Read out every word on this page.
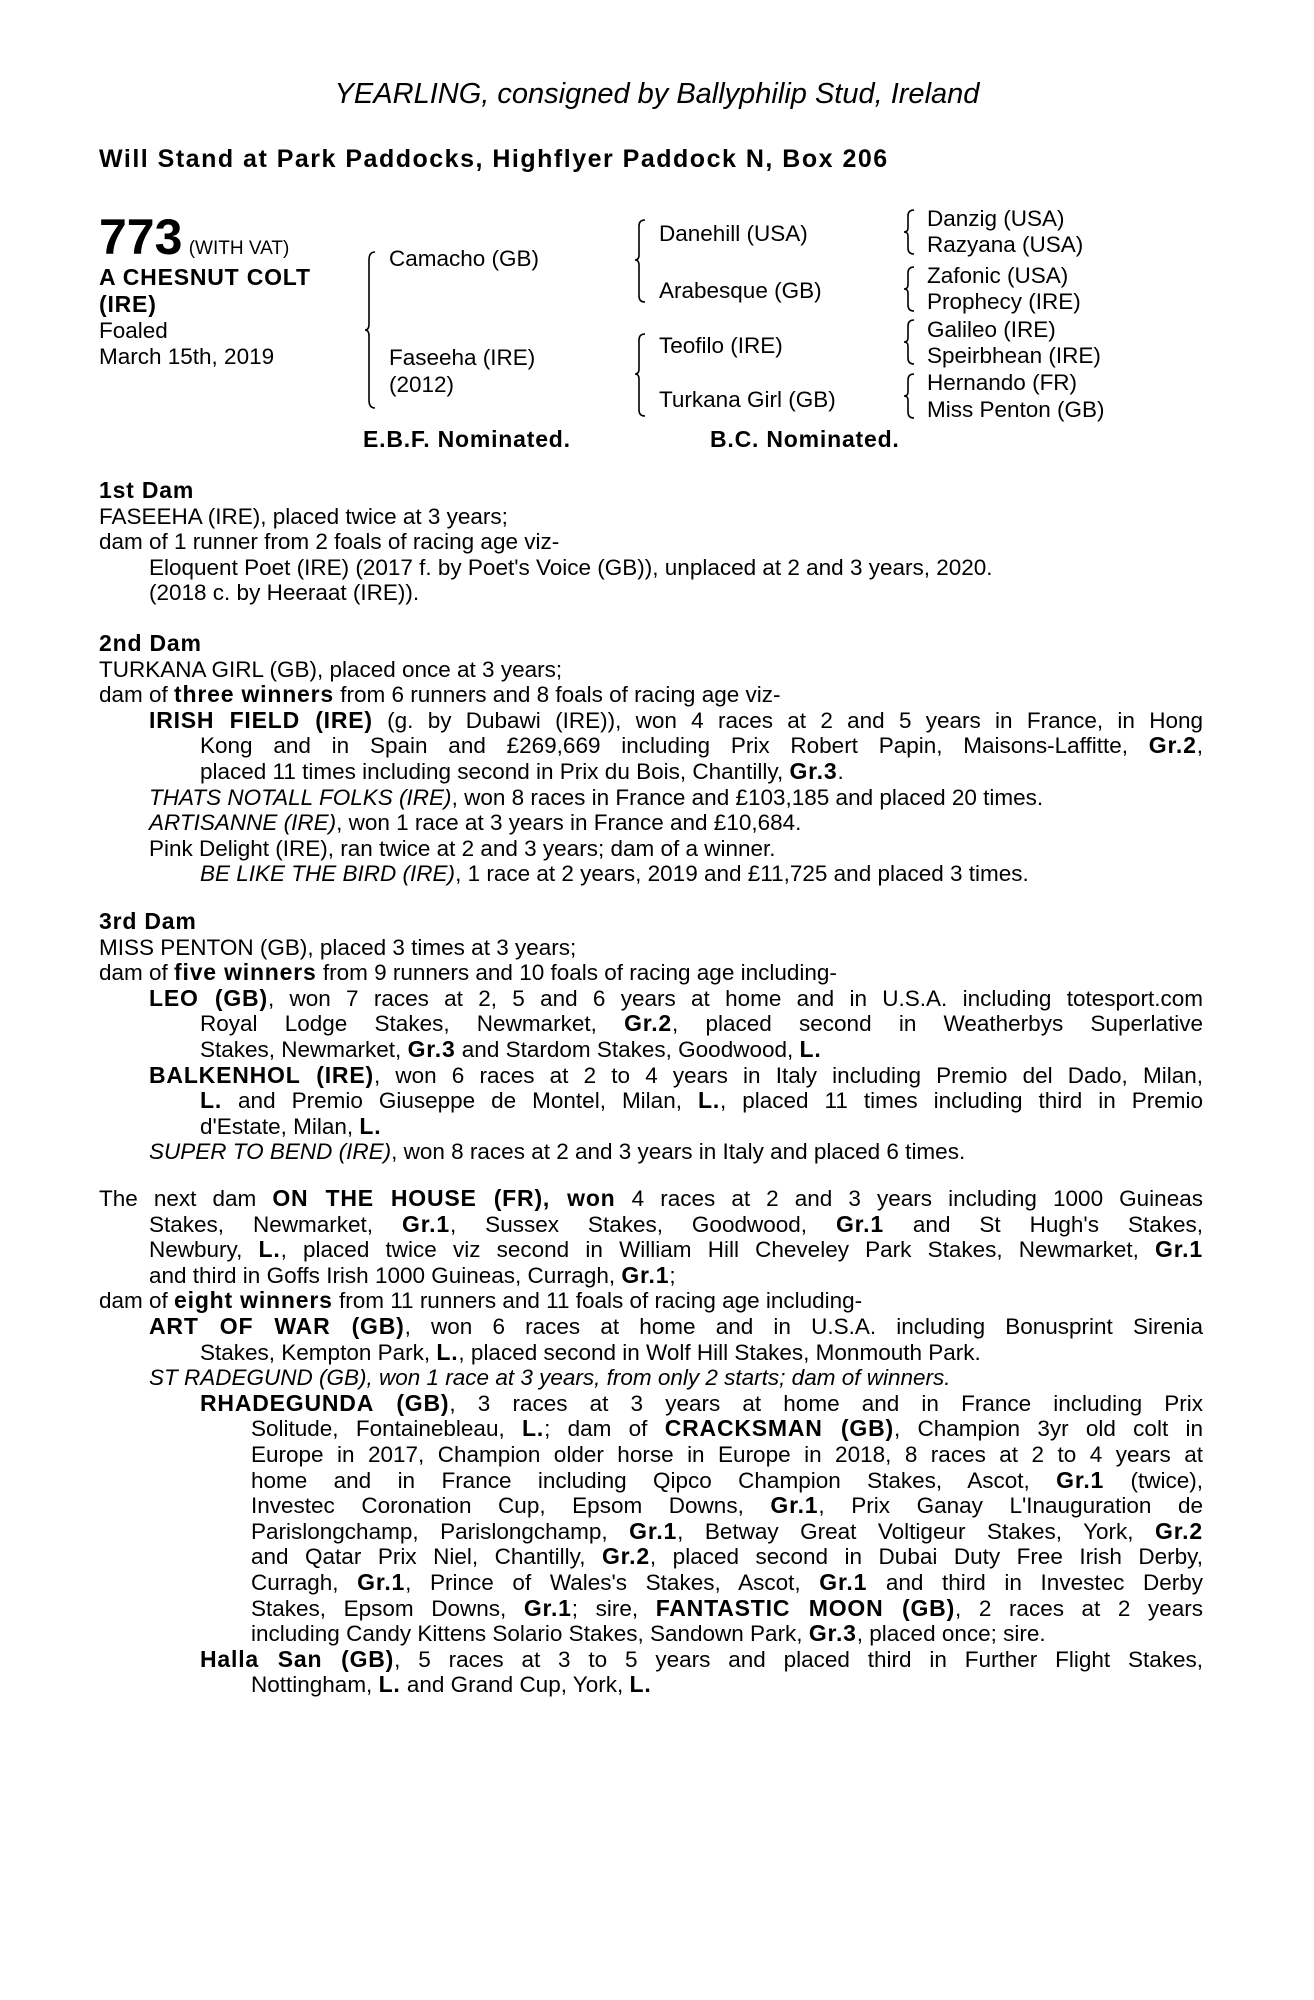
YEARLING, consigned by Ballyphilip Stud, Ireland
Will Stand at Park Paddocks, Highflyer Paddock N, Box 206
773 (WITH VAT)
A CHESNUT COLT
(IRE)
Foaled
March 15th, 2019
Camacho (GB)
Faseeha (IRE)
(2012)
Danehill (USA)
Arabesque (GB)
Teofilo (IRE)
Turkana Girl (GB)
Danzig (USA)
Razyana (USA)
Zafonic (USA)
Prophecy (IRE)
Galileo (IRE)
Speirbhean (IRE)
Hernando (FR)
Miss Penton (GB)
E.B.F. Nominated.	B.C. Nominated.
1st Dam
FASEEHA (IRE), placed twice at 3 years;
dam of 1 runner from 2 foals of racing age viz-
Eloquent Poet (IRE) (2017 f. by Poet's Voice (GB)), unplaced at 2 and 3 years, 2020.
(2018 c. by Heeraat (IRE)).
2nd Dam
TURKANA GIRL (GB), placed once at 3 years;
dam of three winners from 6 runners and 8 foals of racing age viz-
IRISH FIELD (IRE) (g. by Dubawi (IRE)), won 4 races at 2 and 5 years in France, in Hong
Kong and in Spain and £269,669 including Prix Robert Papin, Maisons-Laffitte, Gr.2,
placed 11 times including second in Prix du Bois, Chantilly, Gr.3.
THATS NOTALL FOLKS (IRE), won 8 races in France and £103,185 and placed 20 times.
ARTISANNE (IRE), won 1 race at 3 years in France and £10,684.
Pink Delight (IRE), ran twice at 2 and 3 years; dam of a winner.
BE LIKE THE BIRD (IRE), 1 race at 2 years, 2019 and £11,725 and placed 3 times.
3rd Dam
MISS PENTON (GB), placed 3 times at 3 years;
dam of five winners from 9 runners and 10 foals of racing age including-
LEO (GB), won 7 races at 2, 5 and 6 years at home and in U.S.A. including totesport.com
Royal Lodge Stakes, Newmarket, Gr.2, placed second in Weatherbys Superlative
Stakes, Newmarket, Gr.3 and Stardom Stakes, Goodwood, L.
BALKENHOL (IRE), won 6 races at 2 to 4 years in Italy including Premio del Dado, Milan,
L. and Premio Giuseppe de Montel, Milan, L., placed 11 times including third in Premio
d'Estate, Milan, L.
SUPER TO BEND (IRE), won 8 races at 2 and 3 years in Italy and placed 6 times.
The next dam ON THE HOUSE (FR), won 4 races at 2 and 3 years including 1000 Guineas
Stakes, Newmarket, Gr.1, Sussex Stakes, Goodwood, Gr.1 and St Hugh's Stakes,
Newbury, L., placed twice viz second in William Hill Cheveley Park Stakes, Newmarket, Gr.1
and third in Goffs Irish 1000 Guineas, Curragh, Gr.1;
dam of eight winners from 11 runners and 11 foals of racing age including-
ART OF WAR (GB), won 6 races at home and in U.S.A. including Bonusprint Sirenia
Stakes, Kempton Park, L., placed second in Wolf Hill Stakes, Monmouth Park.
ST RADEGUND (GB), won 1 race at 3 years, from only 2 starts; dam of winners.
RHADEGUNDA (GB), 3 races at 3 years at home and in France including Prix
Solitude, Fontainebleau, L.; dam of CRACKSMAN (GB), Champion 3yr old colt in
Europe in 2017, Champion older horse in Europe in 2018, 8 races at 2 to 4 years at
home and in France including Qipco Champion Stakes, Ascot, Gr.1 (twice),
Investec Coronation Cup, Epsom Downs, Gr.1, Prix Ganay L'Inauguration de
Parislongchamp, Parislongchamp, Gr.1, Betway Great Voltigeur Stakes, York, Gr.2
and Qatar Prix Niel, Chantilly, Gr.2, placed second in Dubai Duty Free Irish Derby,
Curragh, Gr.1, Prince of Wales's Stakes, Ascot, Gr.1 and third in Investec Derby
Stakes, Epsom Downs, Gr.1; sire, FANTASTIC MOON (GB), 2 races at 2 years
including Candy Kittens Solario Stakes, Sandown Park, Gr.3, placed once; sire.
Halla San (GB), 5 races at 3 to 5 years and placed third in Further Flight Stakes,
Nottingham, L. and Grand Cup, York, L.
